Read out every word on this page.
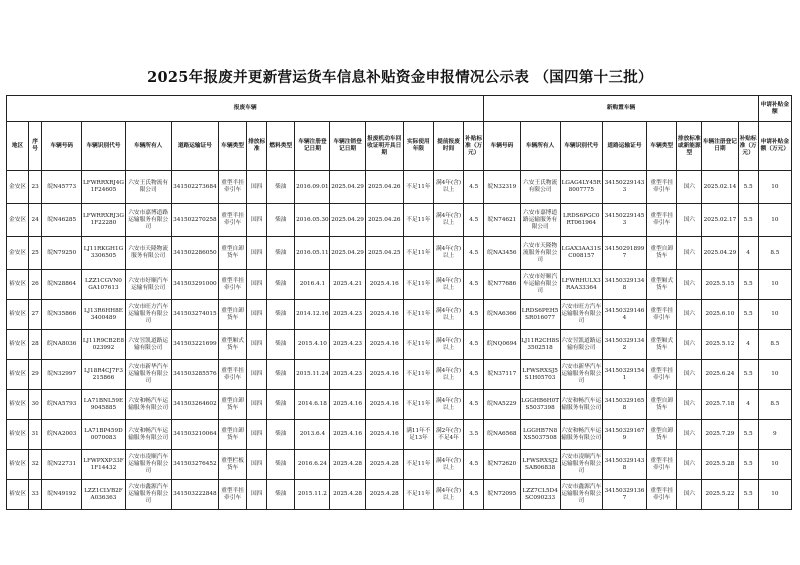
2025年报废并更新营运货车信息补贴资金申报情况公示表 （国四第十三批）
报废车辆															新购置车辆								申请补贴金额
地区	序号	车辆号码	车辆识别代号	车辆所有人	道路运输证号	车辆类型	排放标准	燃料类型	车辆注册登记日期	车辆注销登记日期	报废机动车回收证明开具日期	实际使用年限	提前报废时间	补贴标准（万元）	车辆号码	车辆所有人	车辆识别代号	道路运输证号	车辆类型	排放标准或新能源型	车辆注册登记日期	补贴标准（万元）	申请补贴金额（万元）
金安区	23	皖N45773	LFWRRXRJ4G1F24605	六安王氏物流有限公司	341502273684	重型半挂牵引车	国四	柴油	2016.09.01	2025.04.29	2025.04.26	不足11年	满4年(含)以上	4.5	皖N32319	六安王氏物流有限公司	LGAG4LY45R8007775	341502291433	重型半挂牵引车	国六	2025.02.14	5.5	10
金安区	24	皖N46285	LFWRRXRJ3G1F22280	六安市嘉博道路运输服务有限公司	341502270258	重型半挂牵引车	国四	柴油	2016.05.30	2025.04.29	2025.04.26	不足11年	满4年(含)以上	4.5	皖N74621	六安市嘉博道路运输服务有限公司	LRDS6PGC0RT061964	341502291453	重型半挂牵引车	国六	2025.02.17	5.5	10
金安区	25	皖N79250	LJ11RKGH1G3306505	六安市天隆物流服务有限公司	341502286050	重型自卸货车	国四	柴油	2016.05.11	2025.04.29	2025.04.25	不足11年	满4年(含)以上	4.5	皖NA3456	六安市天隆物流服务有限公司	LGAX3AA31SC008157	341502918997	重型自卸货车	国六	2025.04.29	4	8.5
裕安区	26	皖N28864	LZZ1CGVN0GA107613	六安市好顺汽车运输有限公司	341503291000	重型半挂牵引车	国四	柴油	2016.4.1	2025.4.21	2025.4.16	不足11年	满4年(含)以上	4.5	皖N77686	六安市好顺汽车运输有限公司	LFWRHULX3RAA33364	341503291348	重型厢式货车	国六	2025.5.15	5.5	10
裕安区	27	皖N35866	LJ13R6HH8E3400489	六安市旺方汽车运输服务有限公司	341503274015	重型自卸货车	国四	柴油	2014.12.16	2025.4.23	2025.4.16	不足11年	满4年(含)以上	4.5	皖NA6366	LRDS6PEH5SR016077	六安市旺方汽车运输服务有限公司	341503291464	重型半挂牵引车	国六	2025.6.10	5.5	10
裕安区	28	皖NA8036	LJ11R9CB2E8023992	六安昱凯道路运输有限公司	341503221699	重型厢式货车	国四	柴油	2015.4.10	2025.4.23	2025.4.16	不足11年	满4年(含)以上	4.5	皖NQ0694	LJ11R2CH8S3502518	六安昱凯道路运输有限公司	341503291342	重型厢式货车	国六	2025.5.12	4	8.5
裕安区	29	皖N32997	LJ18R4CJ7F3215866	六安市新华汽车运输服务有限公司	341503285576	重型半挂牵引车	国四	柴油	2015.11.24	2025.4.23	2025.4.16	不足11年	满4年(含)以上	4.5	皖N37117	LFWSRXSJ5S1H05703	六安市新华汽车运输服务有限公司	341503291541	重型半挂牵引车	国六	2025.6.24	5.5	10
裕安区	30	皖NA5793	LA71BNL59E9045885	六安和畅汽车运输服务有限公司	341503264602	重型自卸货车	国四	柴油	2014.6.18	2025.4.16	2025.4.16	不足11年	满4年(含)以上	4.5	皖NA5229	LGGHB6H0TS5037398	六安和畅汽车运输服务有限公司	341503291658	重型自卸货车	国六	2025.7.18	4	8.5
裕安区	31	皖NA2003	LA71BP459D0070083	六安和畅汽车运输服务有限公司	341503210064	重型自卸货车	国四	柴油	2013.6.4	2025.4.16	2025.4.16	满11年不足13年	满2年(含)不足4年	3.5	皖NA6568	LGGHB7N8XS5037508	六安和畅汽车运输服务有限公司	341503291679	重型自卸货车	国六	2025.7.29	5.5	9
裕安区	32	皖N22731	LFWPXXP33F1F14432	六安市凌顺汽车运输服务有限公司	341503276452	重型栏板货车	国四	柴油	2016.6.24	2025.4.28	2025.4.28	不足11年	满4年(含)以上	4.5	皖N72620	LFWSRXSJ2SAB06838	六安市凌顺汽车运输服务有限公司	341503291438	重型半挂牵引车	国六	2025.5.28	5.5	10
裕安区	33	皖N49192	LZZ1CLVB2FA036363	六安市鑫源汽车运输服务有限公司	341503222848	重型半挂牵引车	国四	柴油	2015.11.2	2025.4.28	2025.4.28	不足11年	满4年(含)以上	4.5	皖N72095	LZZ7CL5D4SC090233	六安市鑫源汽车运输服务有限公司	341503291367	重型半挂牵引车	国六	2025.5.22	5.5	10
